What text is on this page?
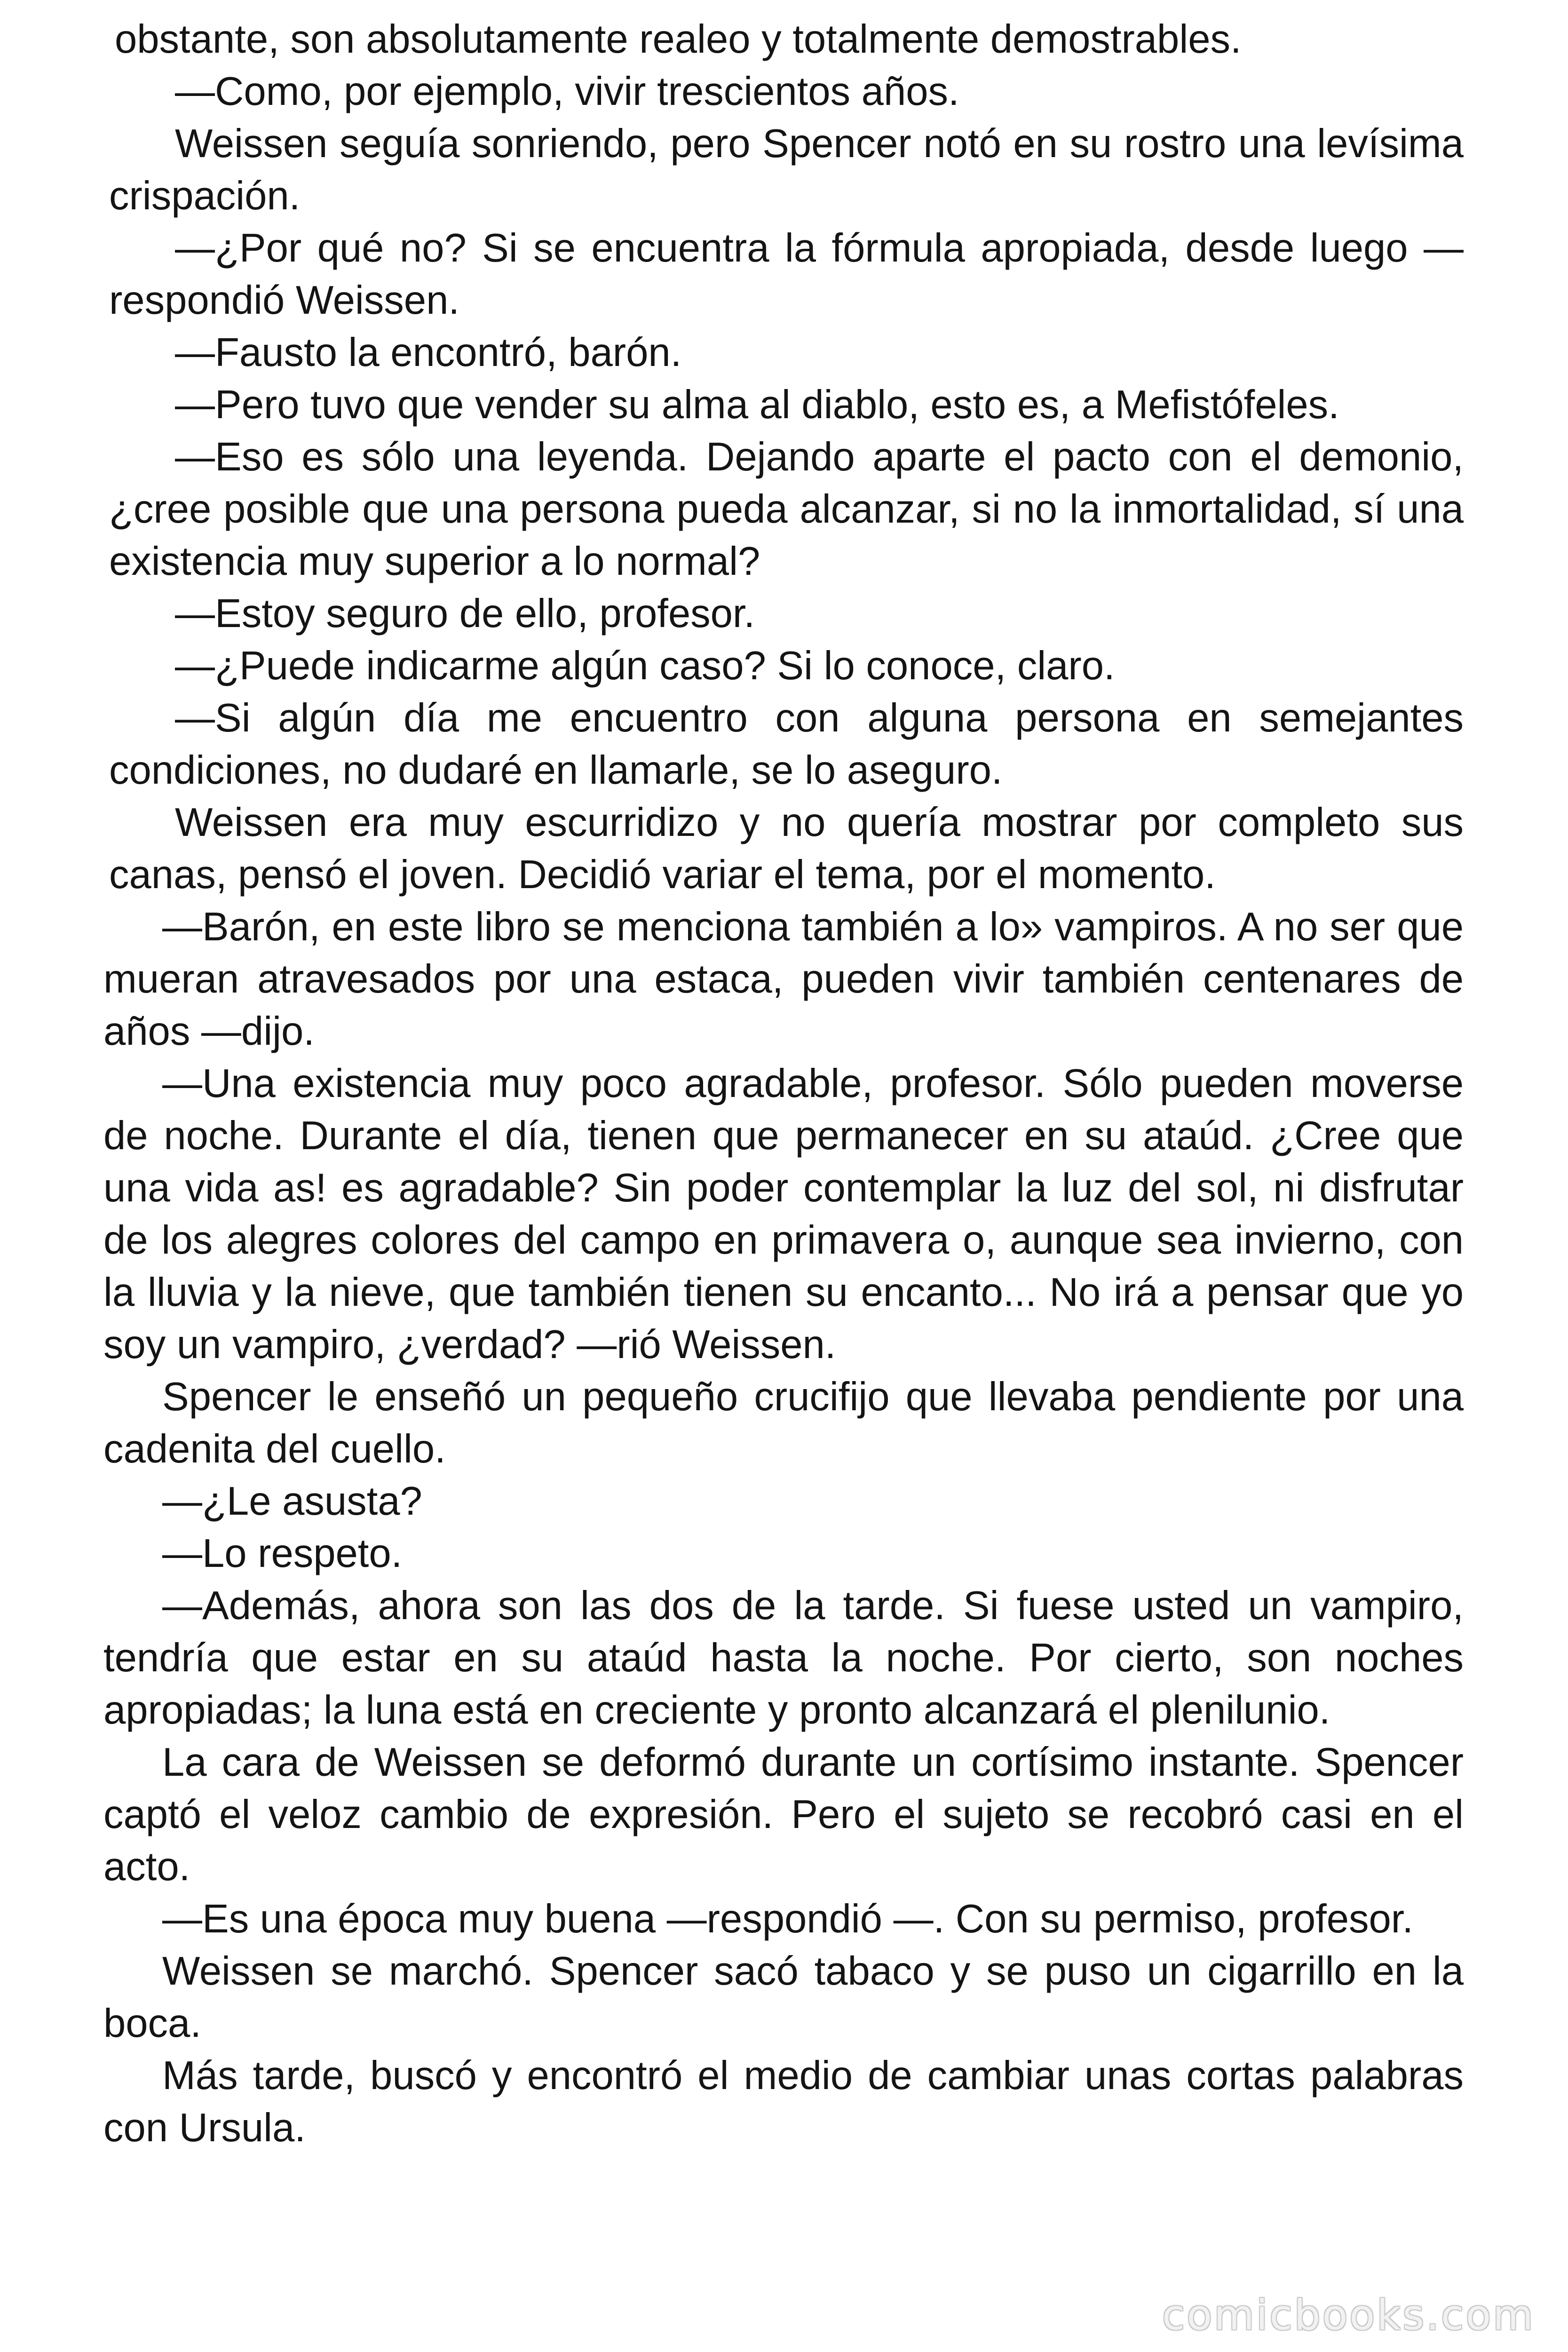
obstante, son absolutamente realeo y totalmente demostrables.

—Como, por ejemplo, vivir trescientos años.

Weissen seguía sonriendo, pero Spencer notó en su rostro una levísima crispación.

—¿Por qué no? Si se encuentra la fórmula apropiada, desde luego —respondió Weissen.

—Fausto la encontró, barón.

—Pero tuvo que vender su alma al diablo, esto es, a Mefistófeles.

—Eso es sólo una leyenda. Dejando aparte el pacto con el demonio, ¿cree posible que una persona pueda alcanzar, si no la inmortalidad, sí una existencia muy superior a lo normal?

—Estoy seguro de ello, profesor.

—¿Puede indicarme algún caso? Si lo conoce, claro.

—Si algún día me encuentro con alguna persona en semejantes condiciones, no dudaré en llamarle, se lo aseguro.

Weissen era muy escurridizo y no quería mostrar por completo sus canas, pensó el joven. Decidió variar el tema, por el momento.

—Barón, en este libro se menciona también a lo» vampiros. A no ser que mueran atravesados por una estaca, pueden vivir también centenares de años —dijo.

—Una existencia muy poco agradable, profesor. Sólo pueden moverse de noche. Durante el día, tienen que permanecer en su ataúd. ¿Cree que una vida as! es agradable? Sin poder contemplar la luz del sol, ni disfrutar de los alegres colores del campo en primavera o, aunque sea invierno, con la lluvia y la nieve, que también tienen su encanto... No irá a pensar que yo soy un vampiro, ¿verdad? —rió Weissen.

Spencer le enseñó un pequeño crucifijo que llevaba pendiente por una cadenita del cuello.

—¿Le asusta?

—Lo respeto.

—Además, ahora son las dos de la tarde. Si fuese usted un vampiro, tendría que estar en su ataúd hasta la noche. Por cierto, son noches apropiadas; la luna está en creciente y pronto alcanzará el plenilunio.

La cara de Weissen se deformó durante un cortísimo instante. Spencer captó el veloz cambio de expresión. Pero el sujeto se recobró casi en el acto.

—Es una época muy buena —respondió —. Con su permiso, profesor.

Weissen se marchó. Spencer sacó tabaco y se puso un cigarrillo en la boca.

Más tarde, buscó y encontró el medio de cambiar unas cortas palabras con Ursula.

comicbooks.com
